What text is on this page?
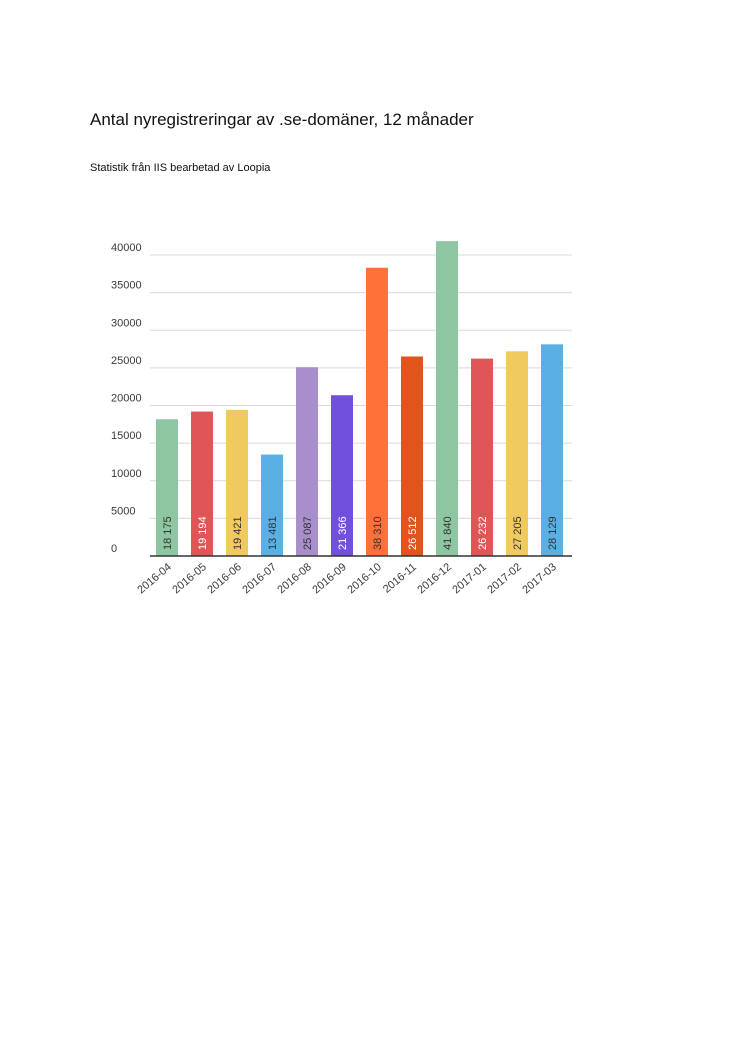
Antal nyregistreringar av .se-domäner, 12 månader
Statistik från IIS bearbetad av Loopia
0
5000
10000
15000
20000
25000
30000
35000
40000
18 175 19 194 19 421 13 481 25 087 21 366 38 310 26 512 41 840 26 232 27 205 28 129
2016-04
2016-05
2016-06
2016-07
2016-08
2016-09
2016-10
2016-11
2016-12
2017-01
2017-02
2017-03
